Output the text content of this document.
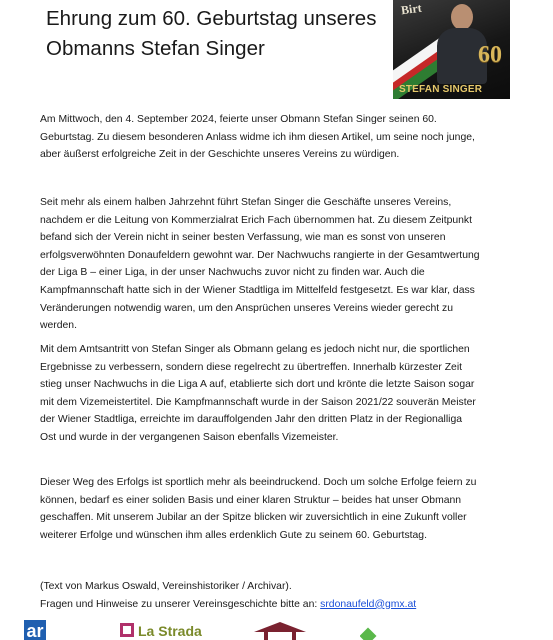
Ehrung zum 60. Geburtstag unseres Obmanns Stefan Singer
Birt
60
STEFAN SINGER

Am Mittwoch, den 4. September 2024, feierte unser Obmann Stefan Singer seinen 60. Geburtstag. Zu diesem besonderen Anlass widme ich ihm diesen Artikel, um seine noch junge, aber äußerst erfolgreiche Zeit in der Geschichte unseres Vereins zu würdigen.

Seit mehr als einem halben Jahrzehnt führt Stefan Singer die Geschäfte unseres Vereins, nachdem er die Leitung von Kommerzialrat Erich Fach übernommen hat. Zu diesem Zeitpunkt befand sich der Verein nicht in seiner besten Verfassung, wie man es sonst von unseren erfolgsverwöhnten Donaufeldern gewohnt war. Der Nachwuchs rangierte in der Gesamtwertung der Liga B – einer Liga, in der unser Nachwuchs zuvor nicht zu finden war. Auch die Kampfmannschaft hatte sich in der Wiener Stadtliga im Mittelfeld festgesetzt. Es war klar, dass Veränderungen notwendig waren, um den Ansprüchen unseres Vereins wieder gerecht zu werden.

Mit dem Amtsantritt von Stefan Singer als Obmann gelang es jedoch nicht nur, die sportlichen Ergebnisse zu verbessern, sondern diese regelrecht zu übertreffen. Innerhalb kürzester Zeit stieg unser Nachwuchs in die Liga A auf, etablierte sich dort und krönte die letzte Saison sogar mit dem Vizemeistertitel. Die Kampfmannschaft wurde in der Saison 2021/22 souverän Meister der Wiener Stadtliga, erreichte im darauffolgenden Jahr den dritten Platz in der Regionalliga Ost und wurde in der vergangenen Saison ebenfalls Vizemeister.

Dieser Weg des Erfolgs ist sportlich mehr als beeindruckend. Doch um solche Erfolge feiern zu können, bedarf es einer soliden Basis und einer klaren Struktur – beides hat unser Obmann geschaffen. Mit unserem Jubilar an der Spitze blicken wir zuversichtlich in eine Zukunft voller weiterer Erfolge und wünschen ihm alles erdenklich Gute zu seinem 60. Geburtstag.

(Text von Markus Oswald, Vereinshistoriker / Archivar).
Fragen und Hinweise zu unserer Vereinsgeschichte bitte an: srdonaufeld@gmx.at

ar	La Strada
